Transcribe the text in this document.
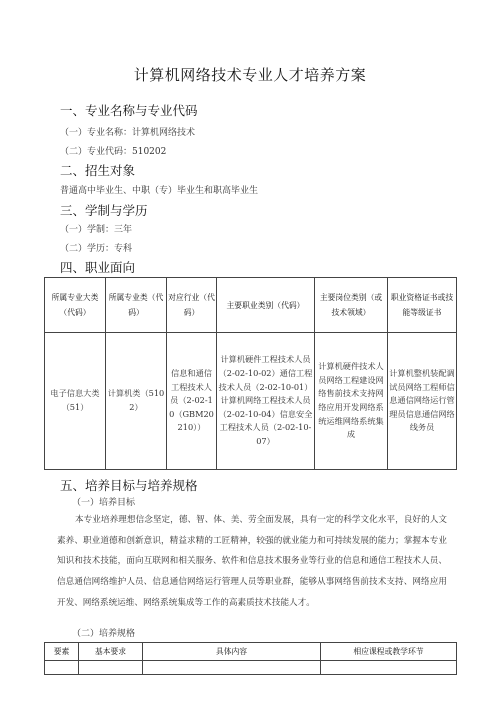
计算机网络技术专业人才培养方案
一、专业名称与专业代码
（一）专业名称：计算机网络技术
（二）专业代码：510202
二、招生对象
普通高中毕业生、中职（专）毕业生和职高毕业生
三、学制与学历
（一）学制：三年
（二）学历：专科
四、职业面向
所属专业大类（代码）	所属专业类（代码）	对应行业（代码）	主要职业类别（代码）	主要岗位类别（或技术领域）	职业资格证书或技能等级证书
电子信息大类（51）	计算机类（5102）	信息和通信工程技术人员（2-02-10（GBM20210））	计算机硬件工程技术人员（2-02-10-02）通信工程技术人员（2-02-10-01）计算机网络工程技术人员（2-02-10-04）信息安全工程技术人员（2-02-10-07）	计算机硬件技术人员网络工程建设网络售前技术支持网络应用开发网络系统运维网络系统集成	计算机整机装配调试员网络工程师信息通信网络运行管理员信息通信网络线务员
五、培养目标与培养规格
（一）培养目标
本专业培养理想信念坚定，德、智、体、美、劳全面发展，具有一定的科学文化水平，良好的人文素养、职业道德和创新意识，精益求精的工匠精神，较强的就业能力和可持续发展的能力；掌握本专业知识和技术技能，面向互联网和相关服务、软件和信息技术服务业等行业的信息和通信工程技术人员、信息通信网络维护人员、信息通信网络运行管理人员等职业群，能够从事网络售前技术支持、网络应用开发、网络系统运维、网络系统集成等工作的高素质技术技能人才。
（二）培养规格
要素	基本要求	具体内容	相应课程或教学环节
